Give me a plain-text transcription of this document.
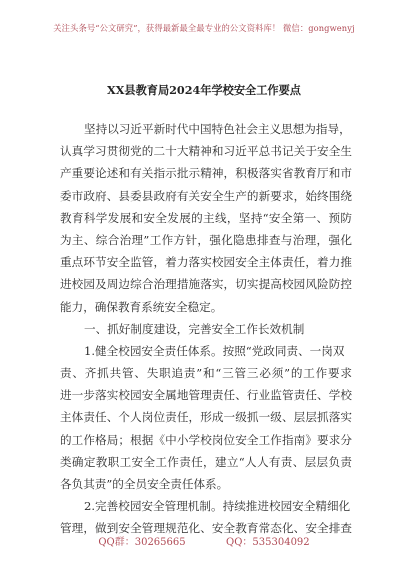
关注头条号“公文研究”，获得最新最全最专业的公文资料库！ 微信：gongwenyj
XX县教育局2024年学校安全工作要点
坚持以习近平新时代中国特色社会主义思想为指导，
认真学习贯彻党的二十大精神和习近平总书记关于安全生
产重要论述和有关指示批示精神，积极落实省教育厅和市
委市政府、县委县政府有关安全生产的新要求，始终围绕
教育科学发展和安全发展的主线，坚持“安全第一、预防
为主、综合治理”工作方针，强化隐患排查与治理，强化
重点环节安全监管，着力落实校园安全主体责任，着力推
进校园及周边综合治理措施落实，切实提高校园风险防控
能力，确保教育系统安全稳定。
一、抓好制度建设，完善安全工作长效机制
1.健全校园安全责任体系。按照“党政同责、一岗双
责、齐抓共管、失职追责”和“三管三必须”的工作要求
进一步落实校园安全属地管理责任、行业监管责任、学校
主体责任、个人岗位责任，形成一级抓一级、层层抓落实
的工作格局；根据《中小学校岗位安全工作指南》要求分
类确定教职工安全工作责任，建立“人人有责、层层负责
各负其责”的全员安全责任体系。
2.完善校园安全管理机制。持续推进校园安全精细化
管理，做到安全管理规范化、安全教育常态化、安全排查
QQ群：30265665	QQ：535304092
